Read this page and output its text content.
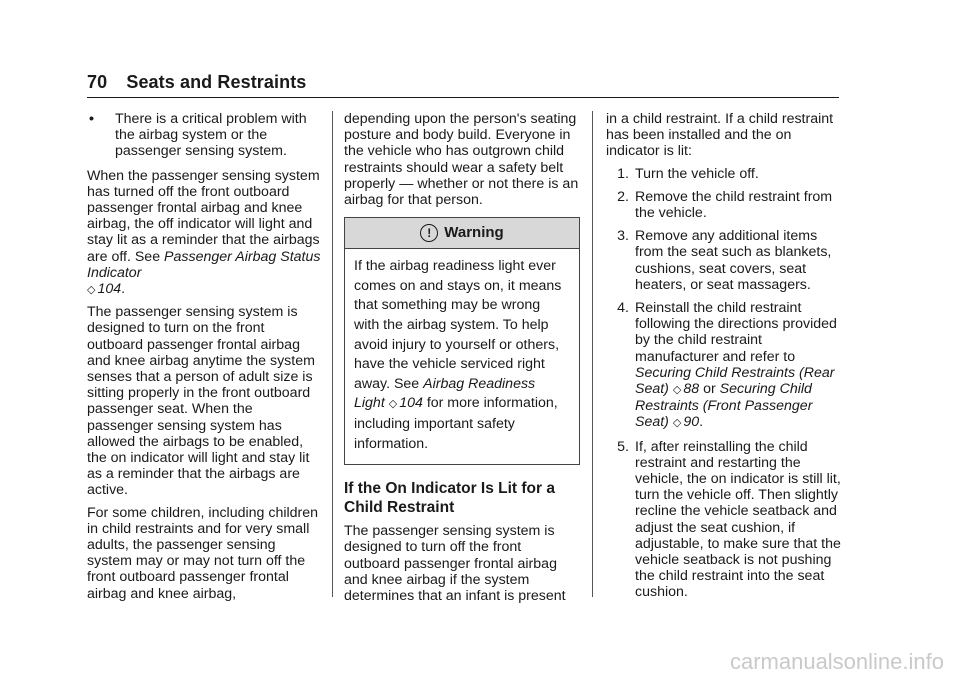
70 Seats and Restraints
•	There is a critical problem with the airbag system or the passenger sensing system.

When the passenger sensing system has turned off the front outboard passenger frontal airbag and knee airbag, the off indicator will light and stay lit as a reminder that the airbags are off. See Passenger Airbag Status Indicator
◇ 104.

The passenger sensing system is designed to turn on the front outboard passenger frontal airbag and knee airbag anytime the system senses that a person of adult size is sitting properly in the front outboard passenger seat. When the passenger sensing system has allowed the airbags to be enabled, the on indicator will light and stay lit as a reminder that the airbags are active.

For some children, including children in child restraints and for very small adults, the passenger sensing system may or may not turn off the front outboard passenger frontal airbag and knee airbag,

depending upon the person's seating posture and body build. Everyone in the vehicle who has outgrown child restraints should wear a safety belt properly — whether or not there is an airbag for that person.

! Warning
If the airbag readiness light ever comes on and stays on, it means that something may be wrong with the airbag system. To help avoid injury to yourself or others, have the vehicle serviced right away. See Airbag Readiness Light ◇ 104 for more information, including important safety information.
If the On Indicator Is Lit for a Child Restraint

The passenger sensing system is designed to turn off the front outboard passenger frontal airbag and knee airbag if the system determines that an infant is present

in a child restraint. If a child restraint has been installed and the on indicator is lit:

1. Turn the vehicle off.
2. Remove the child restraint from the vehicle.
3. Remove any additional items from the seat such as blankets, cushions, seat covers, seat heaters, or seat massagers.
4. Reinstall the child restraint following the directions provided by the child restraint manufacturer and refer to Securing Child Restraints (Rear Seat) ◇ 88 or Securing Child Restraints (Front Passenger Seat) ◇ 90.
5. If, after reinstalling the child restraint and restarting the vehicle, the on indicator is still lit, turn the vehicle off. Then slightly recline the vehicle seatback and adjust the seat cushion, if adjustable, to make sure that the vehicle seatback is not pushing the child restraint into the seat cushion.
carmanualsonline.info
